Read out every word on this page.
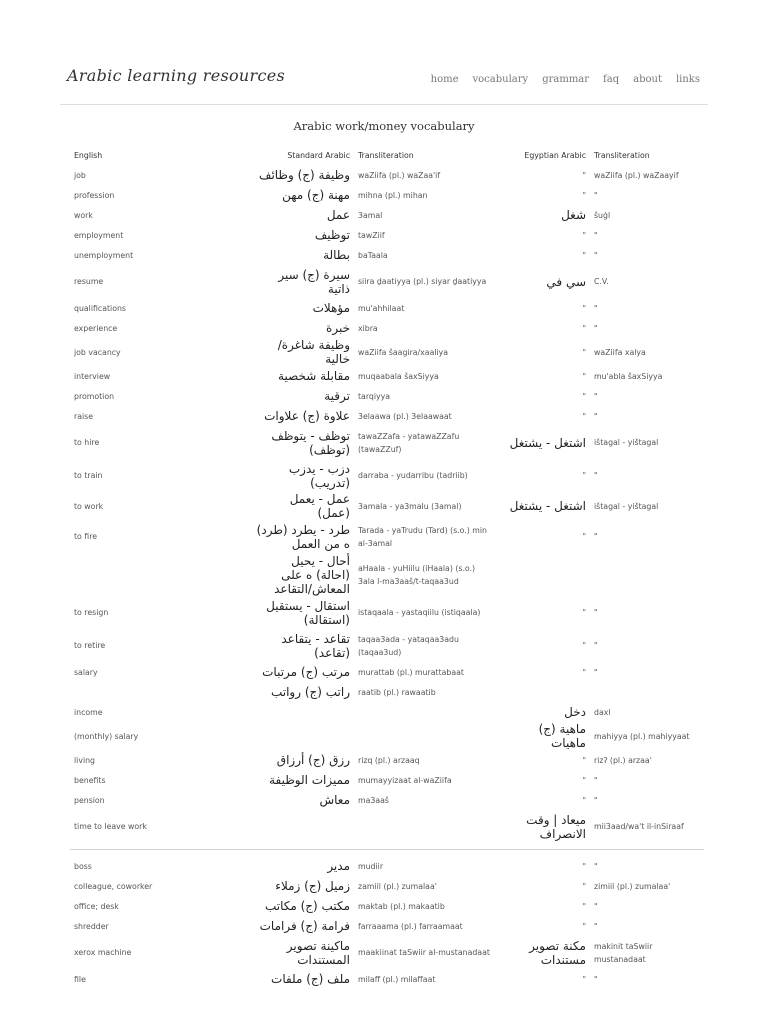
Arabic learning resources	home vocabulary grammar faq about links
Arabic work/money vocabulary
English	Standard Arabic	Transliteration	Egyptian Arabic	Transliteration
job	وظيفة (ج) وظائف	waZiifa (pl.) waZaa'if	"	waZiifa (pl.) waZaayif
profession	مهنة (ج) مهن	mihna (pl.) mihan	"	"
work	عمل	3amal	شغل	šuġl
employment	توظيف	tawZiif	"	"
unemployment	بطالة	baTaala	"	"
resume	سيرة (ج) سير ذاتية	siira ḏaatiyya (pl.) siyar ḏaatiyya	سي في	C.V.
qualifications	مؤهلات	mu'ahhilaat	"	"
experience	خبرة	xibra	"	"
job vacancy	وظيفة شاغرة/خالية	waZiifa šaagira/xaaliya	"	waZiifa xalya
interview	مقابلة شخصية	muqaabala šaxSiyya	"	mu'abla šaxSiyya
promotion	ترقية	tarqiyya	"	"
raise	علاوة (ج) علاوات	3elaawa (pl.) 3elaawaat	"	"
to hire	توظف - يتوظف (توظف)	tawaZZafa - yatawaZZafu (tawaZZuf)	اشتغل - يشتغل	ištagal - yištagal
to train	دزب - يدزب (تدريب)	darraba - yudarribu (tadriib)	"	"
to work	عمل - يعمل (عمل)	3amala - ya3malu (3amal)	اشتغل - يشتغل	ištagal - yištagal
to fire	طرد - يطرد (طرد) ه من العمل	Tarada - yaTrudu (Tard) (s.o.) min al-3amal	"	"
	أحال - يحيل (احالة) ه على المعاش/التقاعد	aHaala - yuHiilu (iHaala) (s.o.) 3ala l-ma3aaš/t-taqaa3ud		
to resign	استقال - يستقيل (استقالة)	istaqaala - yastaqiilu (istiqaala)	"	"
to retire	تقاعد - يتقاعد (تقاعد)	taqaa3ada - yataqaa3adu (taqaa3ud)	"	"
salary	مرتب (ج) مرتبات	murattab (pl.) murattabaat	"	"
	راتب (ج) رواتب	raatib (pl.) rawaatib		
income			دخل	daxl
(monthly) salary			ماهية (ج) ماهيات	mahiyya (pl.) mahiyyaat
living	رزق (ج) أرزاق	rizq (pl.) arzaaq	"	rizʔ (pl.) arzaa'
benefits	مميزات الوظيفة	mumayyizaat al-waZiifa	"	"
pension	معاش	ma3aaš	"	"
time to leave work			ميعاد | وقت الانصراف	mii3aad/wa't il-inSiraaf

boss	مدير	mudiir	"	"
colleague, coworker	زميل (ج) زملاء	zamiil (pl.) zumalaa'	"	zimiil (pl.) zumalaa'
office; desk	مكتب (ج) مكاتب	maktab (pl.) makaatib	"	"
shredder	فرامة (ج) فرامات	farraaama (pl.) farraamaat	"	"
xerox machine	ماكينة تصوير المستندات	maakiinat taSwiir al-mustanadaat	مكنة تصوير مستندات	makinit taSwiir mustanadaat
file	ملف (ج) ملفات	milaff (pl.) milaffaat	"	"
